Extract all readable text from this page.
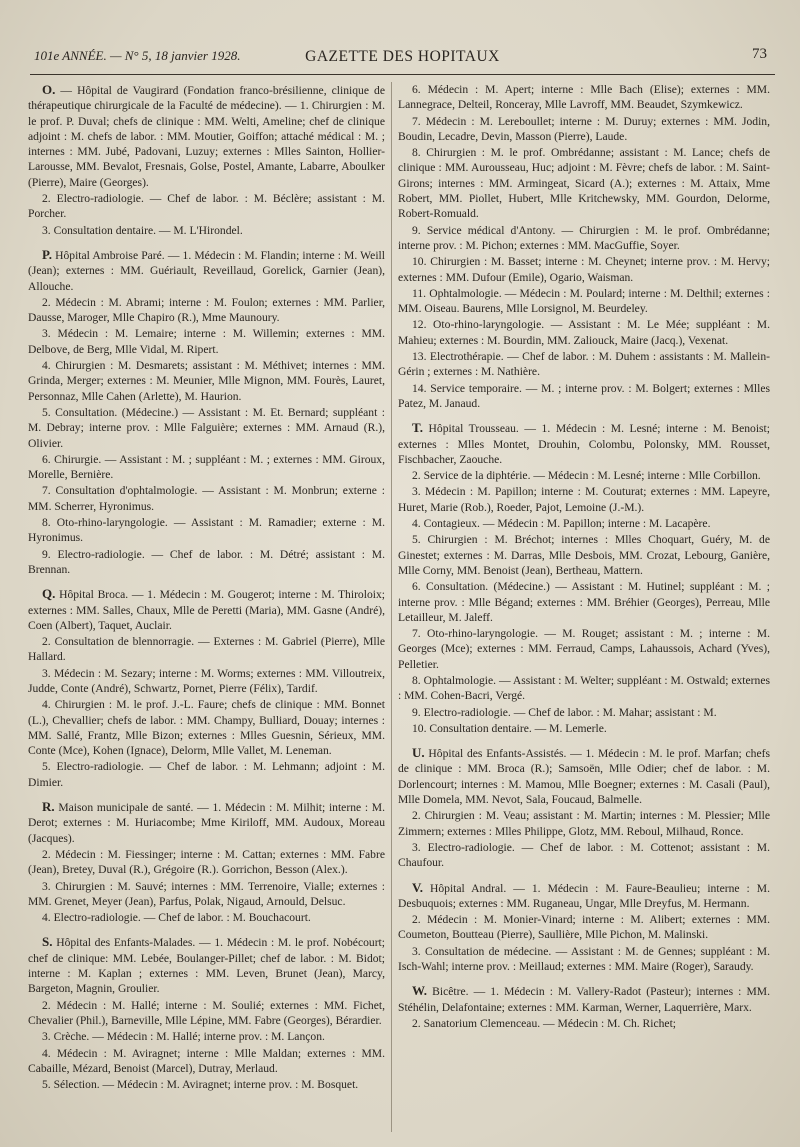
101e ANNÉE. — N° 5, 18 janvier 1928.	GAZETTE DES HOPITAUX	73

O. — Hôpital de Vaugirard (Fondation franco-brésilienne, clinique de thérapeutique chirurgicale de la Faculté de médecine). — 1. Chirurgien : M. le prof. P. Duval; chefs de clinique : MM. Welti, Ameline; chef de clinique adjoint : M. chefs de labor. : MM. Moutier, Goiffon; attaché médical : M. ; internes : MM. Jubé, Padovani, Luzuy; externes : Mlles Sainton, Hollier-Larousse, MM. Bevalot, Fresnais, Golse, Postel, Amante, Labarre, Aboulker (Pierre), Maire (Georges).

2. Electro-radiologie. — Chef de labor. : M. Béclère; assistant : M. Porcher.

3. Consultation dentaire. — M. L'Hirondel.

P. Hôpital Ambroise Paré. — 1. Médecin : M. Flandin; interne : M. Weill (Jean); externes : MM. Guériault, Reveillaud, Gorelick, Garnier (Jean), Allouche.

2. Médecin : M. Abrami; interne : M. Foulon; externes : MM. Parlier, Dausse, Maroger, Mlle Chapiro (R.), Mme Maunoury.

3. Médecin : M. Lemaire; interne : M. Willemin; externes : MM. Delbove, de Berg, Mlle Vidal, M. Ripert.

4. Chirurgien : M. Desmarets; assistant : M. Méthivet; internes : MM. Grinda, Merger; externes : M. Meunier, Mlle Mignon, MM. Fourès, Lauret, Personnaz, Mlle Cahen (Arlette), M. Haurion.

5. Consultation. (Médecine.) — Assistant : M. Et. Bernard; suppléant : M. Debray; interne prov. : Mlle Falguière; externes : MM. Arnaud (R.), Olivier.

6. Chirurgie. — Assistant : M. ; suppléant : M. ; externes : MM. Giroux, Morelle, Bernière.

7. Consultation d'ophtalmologie. — Assistant : M. Monbrun; externe : MM. Scherrer, Hyronimus.

8. Oto-rhino-laryngologie. — Assistant : M. Ramadier; externe : M. Hyronimus.

9. Electro-radiologie. — Chef de labor. : M. Détré; assistant : M. Brennan.

Q. Hôpital Broca. — 1. Médecin : M. Gougerot; interne : M. Thiroloix; externes : MM. Salles, Chaux, Mlle de Peretti (Maria), MM. Gasne (André), Coen (Albert), Taquet, Auclair.

2. Consultation de blennorragie. — Externes : M. Gabriel (Pierre), Mlle Hallard.

3. Médecin : M. Sezary; interne : M. Worms; externes : MM. Villoutreix, Judde, Conte (André), Schwartz, Pornet, Pierre (Félix), Tardif.

4. Chirurgien : M. le prof. J.-L. Faure; chefs de clinique : MM. Bonnet (L.), Chevallier; chefs de labor. : MM. Champy, Bulliard, Douay; internes : MM. Sallé, Frantz, Mlle Bizon; externes : Mlles Guesnin, Sérieux, MM. Conte (Mce), Kohen (Ignace), Delorm, Mlle Vallet, M. Leneman.

5. Electro-radiologie. — Chef de labor. : M. Lehmann; adjoint : M. Dimier.

R. Maison municipale de santé. — 1. Médecin : M. Milhit; interne : M. Derot; externes : M. Huriacombe; Mme Kiriloff, MM. Audoux, Moreau (Jacques).

2. Médecin : M. Fiessinger; interne : M. Cattan; externes : MM. Fabre (Jean), Bretey, Duval (R.), Grégoire (R.). Gorrichon, Besson (Alex.).

3. Chirurgien : M. Sauvé; internes : MM. Terrenoire, Vialle; externes : MM. Grenet, Meyer (Jean), Parfus, Polak, Nigaud, Arnould, Delsuc.

4. Electro-radiologie. — Chef de labor. : M. Bouchacourt.

S. Hôpital des Enfants-Malades. — 1. Médecin : M. le prof. Nobécourt; chef de clinique: MM. Lebée, Boulanger-Pillet; chef de labor. : M. Bidot; interne : M. Kaplan ; externes : MM. Leven, Brunet (Jean), Marcy, Bargeton, Magnin, Groulier.

2. Médecin : M. Hallé; interne : M. Soulié; externes : MM. Fichet, Chevalier (Phil.), Barneville, Mlle Lépine, MM. Fabre (Georges), Bérardier.

3. Crèche. — Médecin : M. Hallé; interne prov. : M. Lançon.

4. Médecin : M. Aviragnet; interne : Mlle Maldan; externes : MM. Cabaille, Mézard, Benoist (Marcel), Dutray, Merlaud.

5. Sélection. — Médecin : M. Aviragnet; interne prov. : M. Bosquet.

6. Médecin : M. Apert; interne : Mlle Bach (Elise); externes : MM. Lannegrace, Delteil, Ronceray, Mlle Lavroff, MM. Beaudet, Szymkewicz.

7. Médecin : M. Lereboullet; interne : M. Duruy; externes : MM. Jodin, Boudin, Lecadre, Devin, Masson (Pierre), Laude.

8. Chirurgien : M. le prof. Ombrédanne; assistant : M. Lance; chefs de clinique : MM. Aurousseau, Huc; adjoint : M. Fèvre; chefs de labor. : M. Saint-Girons; internes : MM. Armingeat, Sicard (A.); externes : M. Attaix, Mme Robert, MM. Piollet, Hubert, Mlle Kritchewsky, MM. Gourdon, Delorme, Robert-Romuald.

9. Service médical d'Antony. — Chirurgien : M. le prof. Ombrédanne; interne prov. : M. Pichon; externes : MM. MacGuffie, Soyer.

10. Chirurgien : M. Basset; interne : M. Cheynet; interne prov. : M. Hervy; externes : MM. Dufour (Emile), Ogario, Waisman.

11. Ophtalmologie. — Médecin : M. Poulard; interne : M. Delthil; externes : MM. Oiseau. Baurens, Mlle Lorsignol, M. Beurdeley.

12. Oto-rhino-laryngologie. — Assistant : M. Le Mée; suppléant : M. Mahieu; externes : M. Bourdin, MM. Zaliouck, Maire (Jacq.), Vexenat.

13. Electrothérapie. — Chef de labor. : M. Duhem : assistants : M. Mallein-Gérin ; externes : M. Nathière.

14. Service temporaire. — M. ; interne prov. : M. Bolgert; externes : Mlles Patez, M. Janaud.

T. Hôpital Trousseau. — 1. Médecin : M. Lesné; interne : M. Benoist; externes : Mlles Montet, Drouhin, Colombu, Polonsky, MM. Rousset, Fischbacher, Zaouche.

2. Service de la diphtérie. — Médecin : M. Lesné; interne : Mlle Corbillon.

3. Médecin : M. Papillon; interne : M. Couturat; externes : MM. Lapeyre, Huret, Marie (Rob.), Roeder, Pajot, Lemoine (J.-M.).

4. Contagieux. — Médecin : M. Papillon; interne : M. Lacapère.

5. Chirurgien : M. Bréchot; internes : Mlles Choquart, Guéry, M. de Ginestet; externes : M. Darras, Mlle Desbois, MM. Crozat, Lebourg, Ganière, Mlle Corny, MM. Benoist (Jean), Bertheau, Mattern.

6. Consultation. (Médecine.) — Assistant : M. Hutinel; suppléant : M. ; interne prov. : Mlle Bégand; externes : MM. Bréhier (Georges), Perreau, Mlle Letailleur, M. Jaleff.

7. Oto-rhino-laryngologie. — M. Rouget; assistant : M. ; interne : M. Georges (Mce); externes : MM. Ferraud, Camps, Lahaussois, Achard (Yves), Pelletier.

8. Ophtalmologie. — Assistant : M. Welter; suppléant : M. Ostwald; externes : MM. Cohen-Bacri, Vergé.

9. Electro-radiologie. — Chef de labor. : M. Mahar; assistant : M.

10. Consultation dentaire. — M. Lemerle.

U. Hôpital des Enfants-Assistés. — 1. Médecin : M. le prof. Marfan; chefs de clinique : MM. Broca (R.); Samsoën, Mlle Odier; chef de labor. : M. Dorlencourt; internes : M. Mamou, Mlle Boegner; externes : M. Casali (Paul), Mlle Domela, MM. Nevot, Sala, Foucaud, Balmelle.

2. Chirurgien : M. Veau; assistant : M. Martin; internes : M. Plessier; Mlle Zimmern; externes : Mlles Philippe, Glotz, MM. Reboul, Milhaud, Ronce.

3. Electro-radiologie. — Chef de labor. : M. Cottenot; assistant : M. Chaufour.

V. Hôpital Andral. — 1. Médecin : M. Faure-Beaulieu; interne : M. Desbuquois; externes : MM. Ruganeau, Ungar, Mlle Dreyfus, M. Hermann.

2. Médecin : M. Monier-Vinard; interne : M. Alibert; externes : MM. Coumeton, Boutteau (Pierre), Saullière, Mlle Pichon, M. Malinski.

3. Consultation de médecine. — Assistant : M. de Gennes; suppléant : M. Isch-Wahl; interne prov. : Meillaud; externes : MM. Maire (Roger), Saraudy.

W. Bicêtre. — 1. Médecin : M. Vallery-Radot (Pasteur); internes : MM. Stéhélin, Delafontaine; externes : MM. Karman, Werner, Laquerrière, Marx.

2. Sanatorium Clemenceau. — Médecin : M. Ch. Richet;
